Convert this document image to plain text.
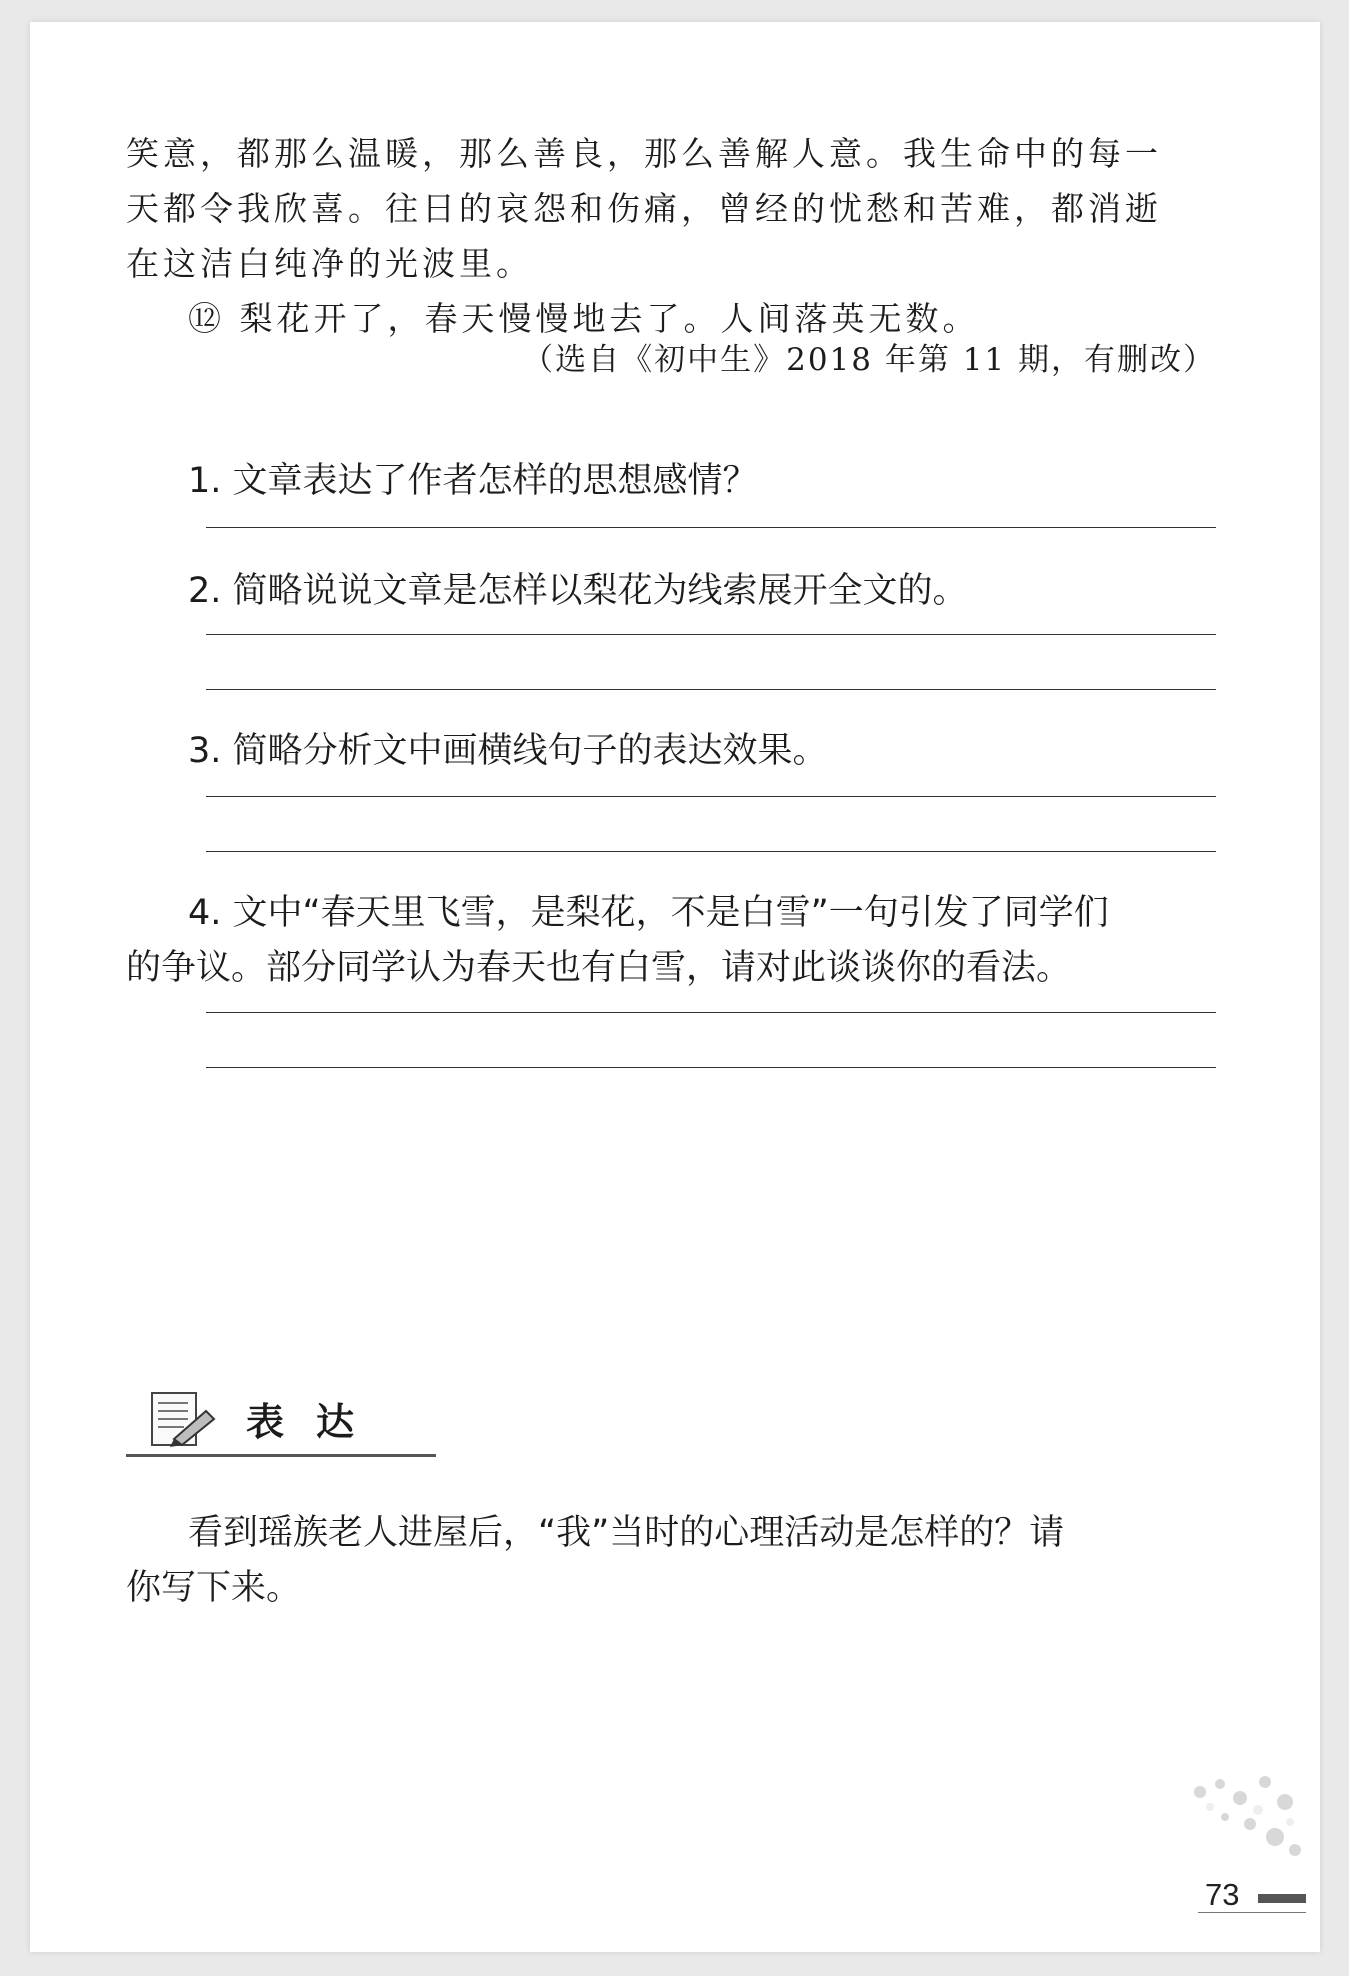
笑意，都那么温暖，那么善良，那么善解人意。我生命中的每一

天都令我欣喜。往日的哀怨和伤痛，曾经的忧愁和苦难，都消逝

在这洁白纯净的光波里。

⑫ 梨花开了，春天慢慢地去了。人间落英无数。

（选自《初中生》2018 年第 11 期，有删改）

1. 文章表达了作者怎样的思想感情？

2. 简略说说文章是怎样以梨花为线索展开全文的。

3. 简略分析文中画横线句子的表达效果。

4. 文中“春天里飞雪，是梨花，不是白雪”一句引发了同学们

的争议。部分同学认为春天也有白雪，请对此谈谈你的看法。

表达

看到瑶族老人进屋后，“我”当时的心理活动是怎样的？请

你写下来。

73
